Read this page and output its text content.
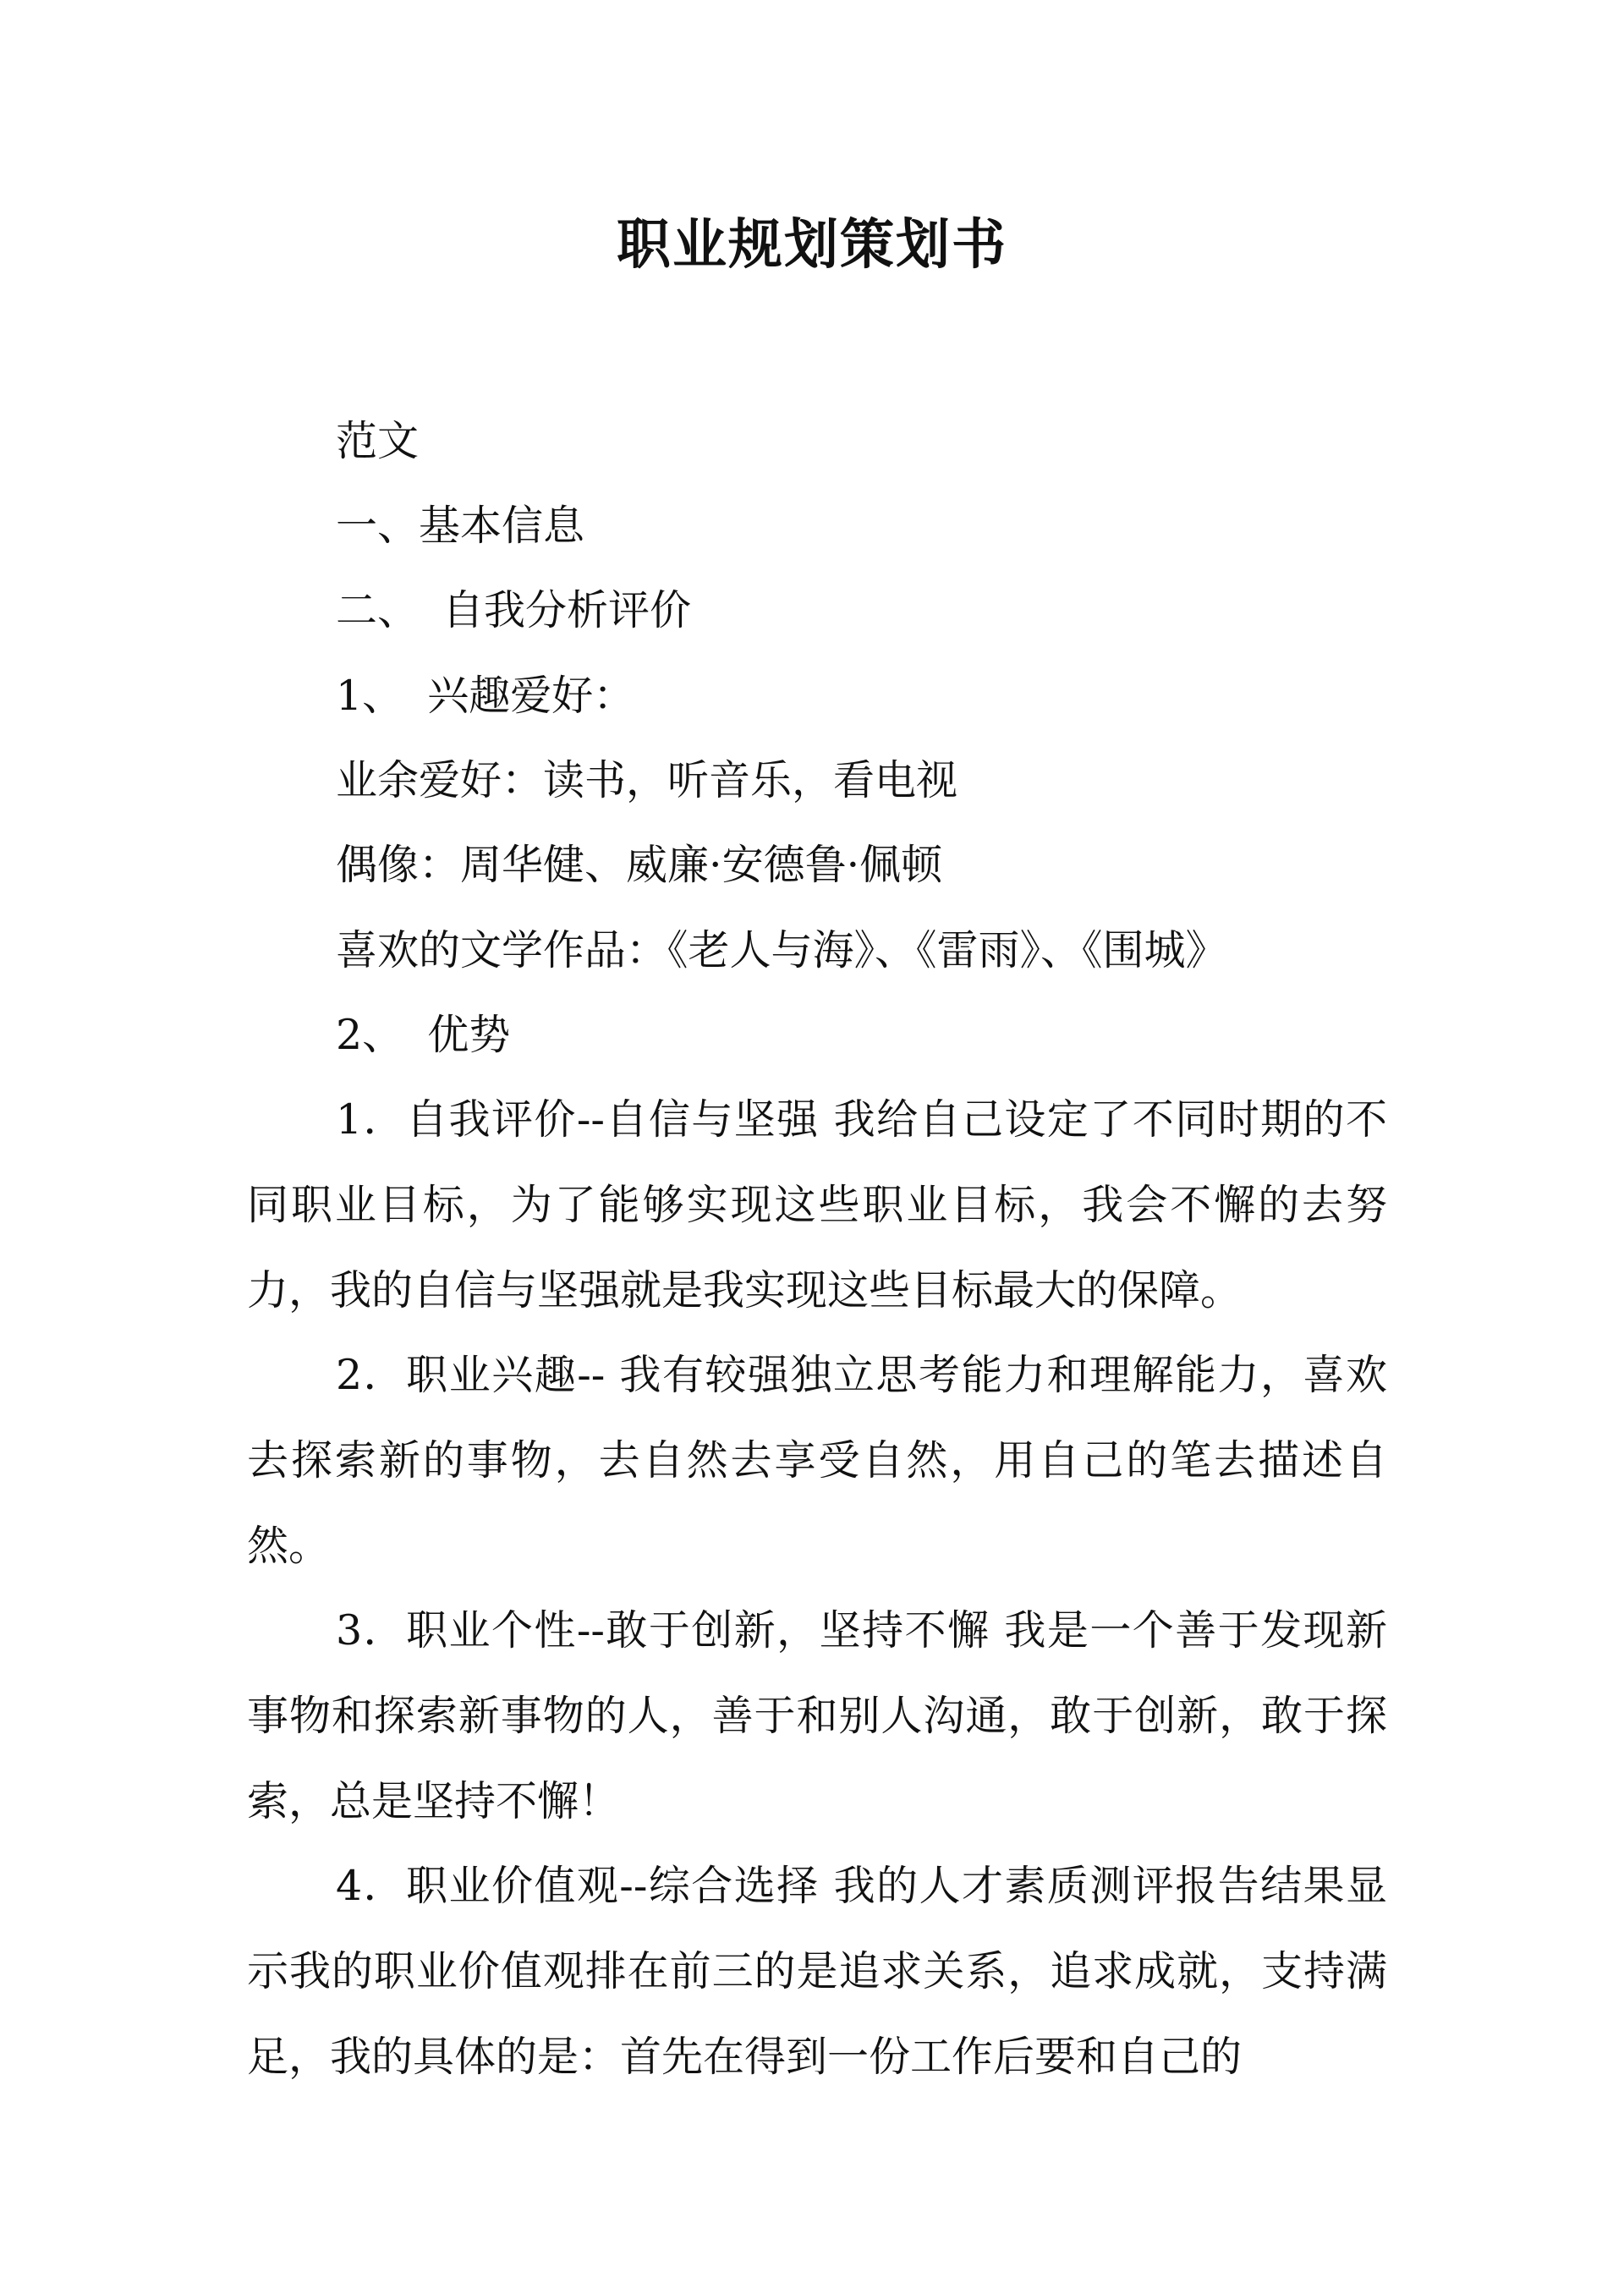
职业规划策划书
范文
一、基本信息
二、 自我分析评价
1、 兴趣爱好：
业余爱好：读书，听音乐，看电视
偶像：周华健、威廉·安德鲁·佩顿
喜欢的文学作品：《老人与海》、《雷雨》、《围城》
2、 优势

1．自我评价--自信与坚强 我给自己设定了不同时期的不同职业目标，为了能够实现这些职业目标，我会不懈的去努力，我的自信与坚强就是我实现这些目标最大的保障。

2．职业兴趣-- 我有较强独立思考能力和理解能力，喜欢去探索新的事物，去自然去享受自然，用自己的笔去描述自然。

3．职业个性--敢于创新，坚持不懈 我是一个善于发现新事物和探索新事物的人，善于和别人沟通，敢于创新，敢于探索，总是坚持不懈！

4．职业价值观--综合选择 我的人才素质测评报告结果显示我的职业价值观排在前三的是追求关系，追求成就，支持满足，我的具体的是：首先在得到一份工作后要和自己的
